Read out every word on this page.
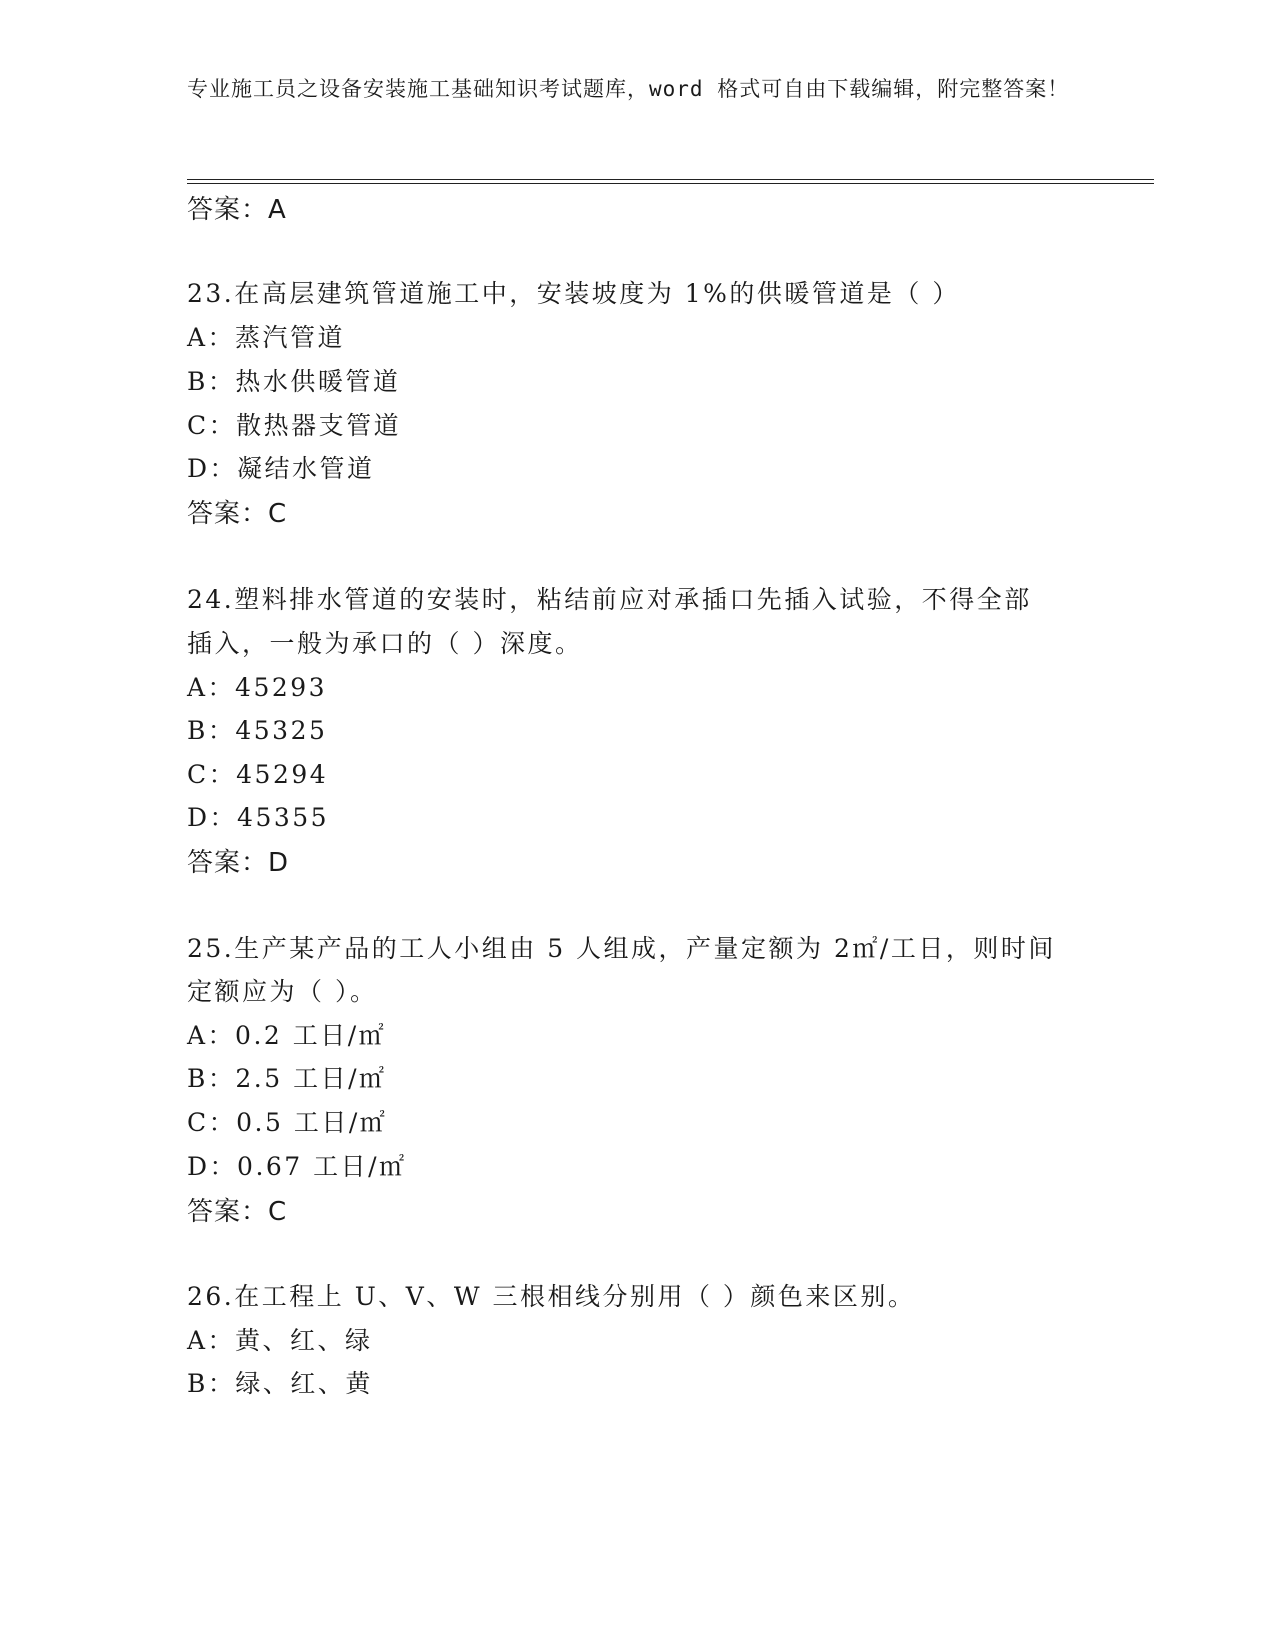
专业施工员之设备安装施工基础知识考试题库，word 格式可自由下载编辑，附完整答案！
答案：A
23.在高层建筑管道施工中，安装坡度为 1%的供暖管道是（ ）
A：蒸汽管道
B：热水供暖管道
C：散热器支管道
D：凝结水管道
答案：C
24.塑料排水管道的安装时，粘结前应对承插口先插入试验，不得全部
插入，一般为承口的（ ）深度。
A：45293
B：45325
C：45294
D：45355
答案：D
25.生产某产品的工人小组由 5 人组成，产量定额为 2㎡/工日，则时间
定额应为（ ）。
A：0.2 工日/㎡
B：2.5 工日/㎡
C：0.5 工日/㎡
D：0.67 工日/㎡
答案：C
26.在工程上 U、V、W 三根相线分别用（ ）颜色来区别。
A：黄、红、绿
B：绿、红、黄
